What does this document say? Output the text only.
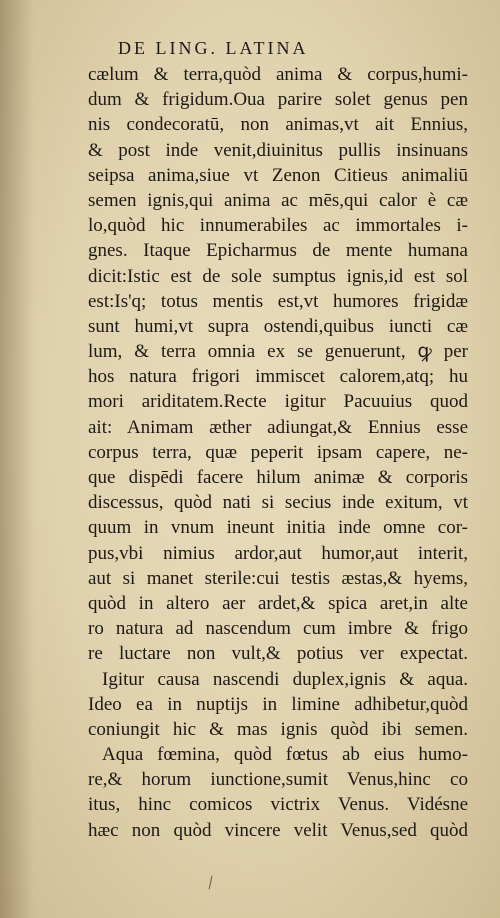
DE LING. LATINA
cælum & terra,quòd anima & corpus,humi-
dum & frigidum.Oua parire solet genus pen
nis condecoratū, non animas,vt ait Ennius,
& post inde venit,diuinitus pullis insinuans
seipsa anima,siue vt Zenon Citieus animaliū
semen ignis,qui anima ac mēs,qui calor è cæ
lo,quòd hic innumerabiles ac immortales i-
gnes. Itaque Epicharmus de mente humana
dicit:Istic est de sole sumptus ignis,id est sol
est:Is'q; totus mentis est,vt humores frigidæ
sunt humi,vt supra ostendi,quibus iuncti cæ
lum, & terra omnia ex se genuerunt, ꝙ per
hos natura frigori immiscet calorem,atq; hu
mori ariditatem.Recte igitur Pacuuius quod
ait: Animam æther adiungat,& Ennius esse
corpus terra, quæ peperit ipsam capere, ne-
que dispēdi facere hilum animæ & corporis
discessus, quòd nati si secius inde exitum, vt
quum in vnum ineunt initia inde omne cor-
pus,vbi nimius ardor,aut humor,aut interit,
aut si manet sterile:cui testis æstas,& hyems,
quòd in altero aer ardet,& spica aret,in alte
ro natura ad nascendum cum imbre & frigo
re luctare non vult,& potius ver expectat.
Igitur causa nascendi duplex,ignis & aqua.
Ideo ea in nuptijs in limine adhibetur,quòd
coniungit hic & mas ignis quòd ibi semen.
Aqua fœmina, quòd fœtus ab eius humo-
re,& horum iunctione,sumit Venus,hinc co
itus, hinc comicos victrix Venus. Vidésne
hæc non quòd vincere velit Venus,sed quòd
